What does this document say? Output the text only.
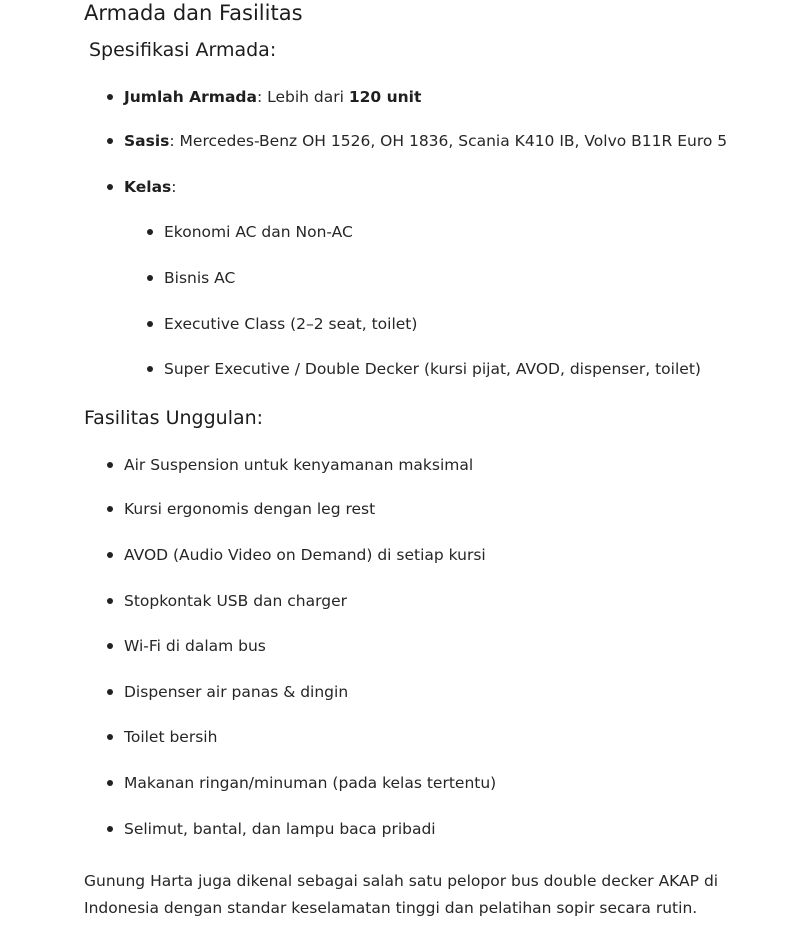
Armada dan Fasilitas
Spesifikasi Armada:
Jumlah Armada: Lebih dari 120 unit
Sasis: Mercedes-Benz OH 1526, OH 1836, Scania K410 IB, Volvo B11R Euro 5
Kelas:
Ekonomi AC dan Non-AC
Bisnis AC
Executive Class (2–2 seat, toilet)
Super Executive / Double Decker (kursi pijat, AVOD, dispenser, toilet)
Fasilitas Unggulan:
Air Suspension untuk kenyamanan maksimal
Kursi ergonomis dengan leg rest
AVOD (Audio Video on Demand) di setiap kursi
Stopkontak USB dan charger
Wi-Fi di dalam bus
Dispenser air panas & dingin
Toilet bersih
Makanan ringan/minuman (pada kelas tertentu)
Selimut, bantal, dan lampu baca pribadi

Gunung Harta juga dikenal sebagai salah satu pelopor bus double decker AKAP di Indonesia dengan standar keselamatan tinggi dan pelatihan sopir secara rutin.
